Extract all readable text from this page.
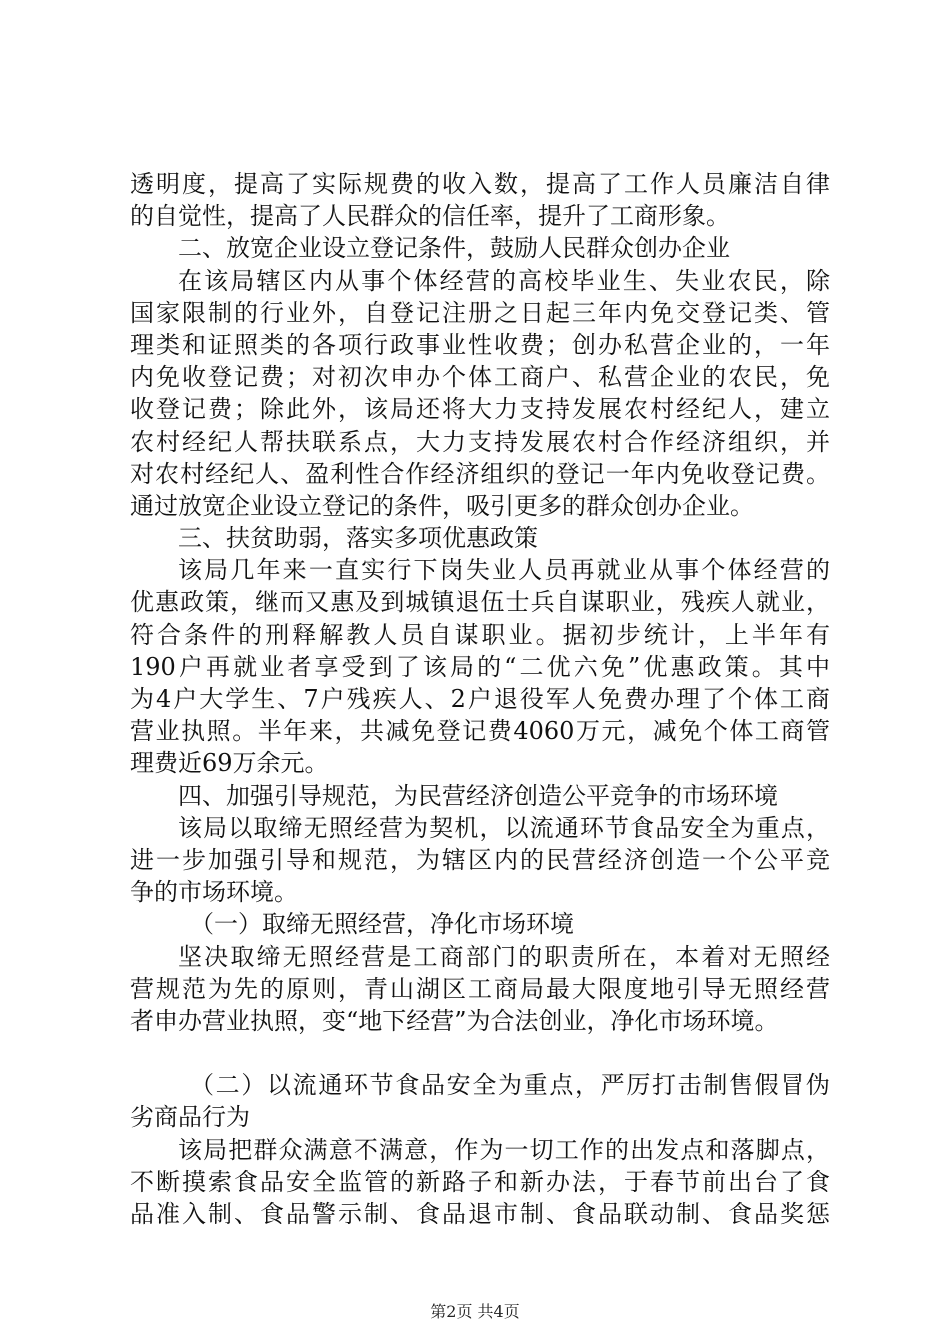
透明度，提高了实际规费的收入数，提高了工作人员廉洁自律
的自觉性，提高了人民群众的信任率，提升了工商形象。
二、放宽企业设立登记条件，鼓励人民群众创办企业
在该局辖区内从事个体经营的高校毕业生、失业农民，除
国家限制的行业外，自登记注册之日起三年内免交登记类、管
理类和证照类的各项行政事业性收费；创办私营企业的，一年
内免收登记费；对初次申办个体工商户、私营企业的农民，免
收登记费；除此外，该局还将大力支持发展农村经纪人，建立
农村经纪人帮扶联系点，大力支持发展农村合作经济组织，并
对农村经纪人、盈利性合作经济组织的登记一年内免收登记费。
通过放宽企业设立登记的条件，吸引更多的群众创办企业。
三、扶贫助弱，落实多项优惠政策
该局几年来一直实行下岗失业人员再就业从事个体经营的
优惠政策，继而又惠及到城镇退伍士兵自谋职业，残疾人就业，
符合条件的刑释解教人员自谋职业。据初步统计，上半年有
190户再就业者享受到了该局的“二优六免”优惠政策。其中
为4户大学生、7户残疾人、2户退役军人免费办理了个体工商
营业执照。半年来，共减免登记费4060万元，减免个体工商管
理费近69万余元。
四、加强引导规范，为民营经济创造公平竞争的市场环境
该局以取缔无照经营为契机，以流通环节食品安全为重点，
进一步加强引导和规范，为辖区内的民营经济创造一个公平竞
争的市场环境。
（一）取缔无照经营，净化市场环境
坚决取缔无照经营是工商部门的职责所在，本着对无照经
营规范为先的原则，青山湖区工商局最大限度地引导无照经营
者申办营业执照，变“地下经营”为合法创业，净化市场环境。
（二）以流通环节食品安全为重点，严厉打击制售假冒伪
劣商品行为
该局把群众满意不满意，作为一切工作的出发点和落脚点，
不断摸索食品安全监管的新路子和新办法，于春节前出台了食
品准入制、食品警示制、食品退市制、食品联动制、食品奖惩
第2页 共4页
